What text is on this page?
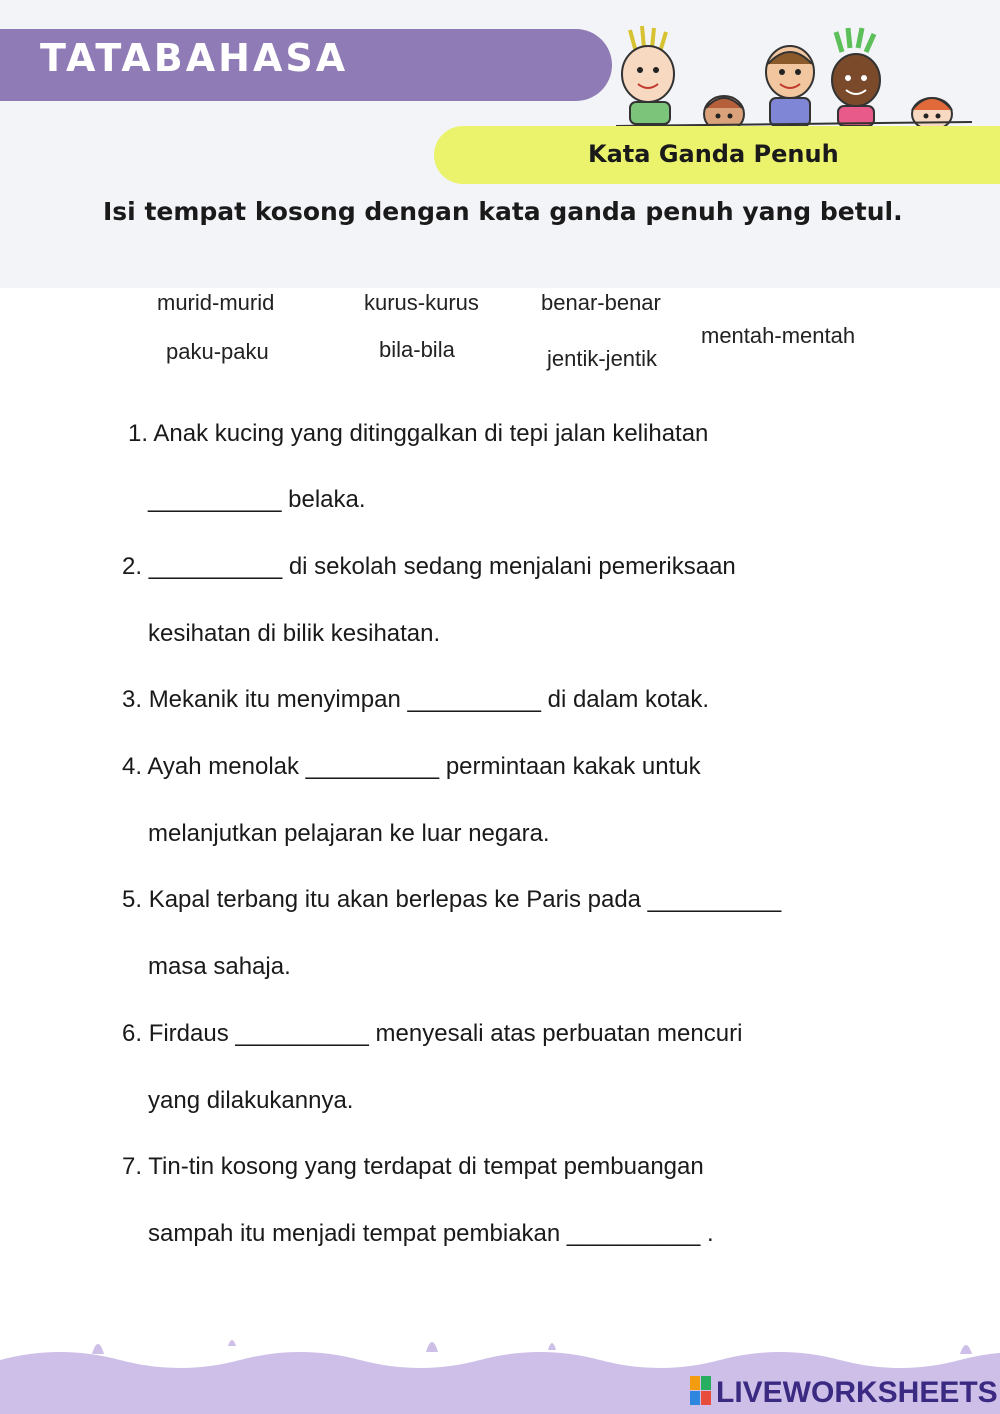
TATABAHASA
Kata Ganda Penuh
Isi tempat kosong dengan kata ganda penuh yang betul.
murid-murid	kurus-kurus	benar-benar
paku-paku	bila-bila	jentik-jentik
mentah-mentah
1. Anak kucing yang ditinggalkan di tepi jalan kelihatan
__________ belaka.
2. __________ di sekolah sedang menjalani pemeriksaan
kesihatan di bilik kesihatan.
3. Mekanik itu menyimpan __________ di dalam kotak.
4. Ayah menolak __________ permintaan kakak untuk
melanjutkan pelajaran ke luar negara.
5. Kapal terbang itu akan berlepas ke Paris pada __________
masa sahaja.
6. Firdaus __________ menyesali atas perbuatan mencuri
yang dilakukannya.
7. Tin-tin kosong yang terdapat di tempat pembuangan
sampah itu menjadi tempat pembiakan __________ .
LIVEWORKSHEETS
